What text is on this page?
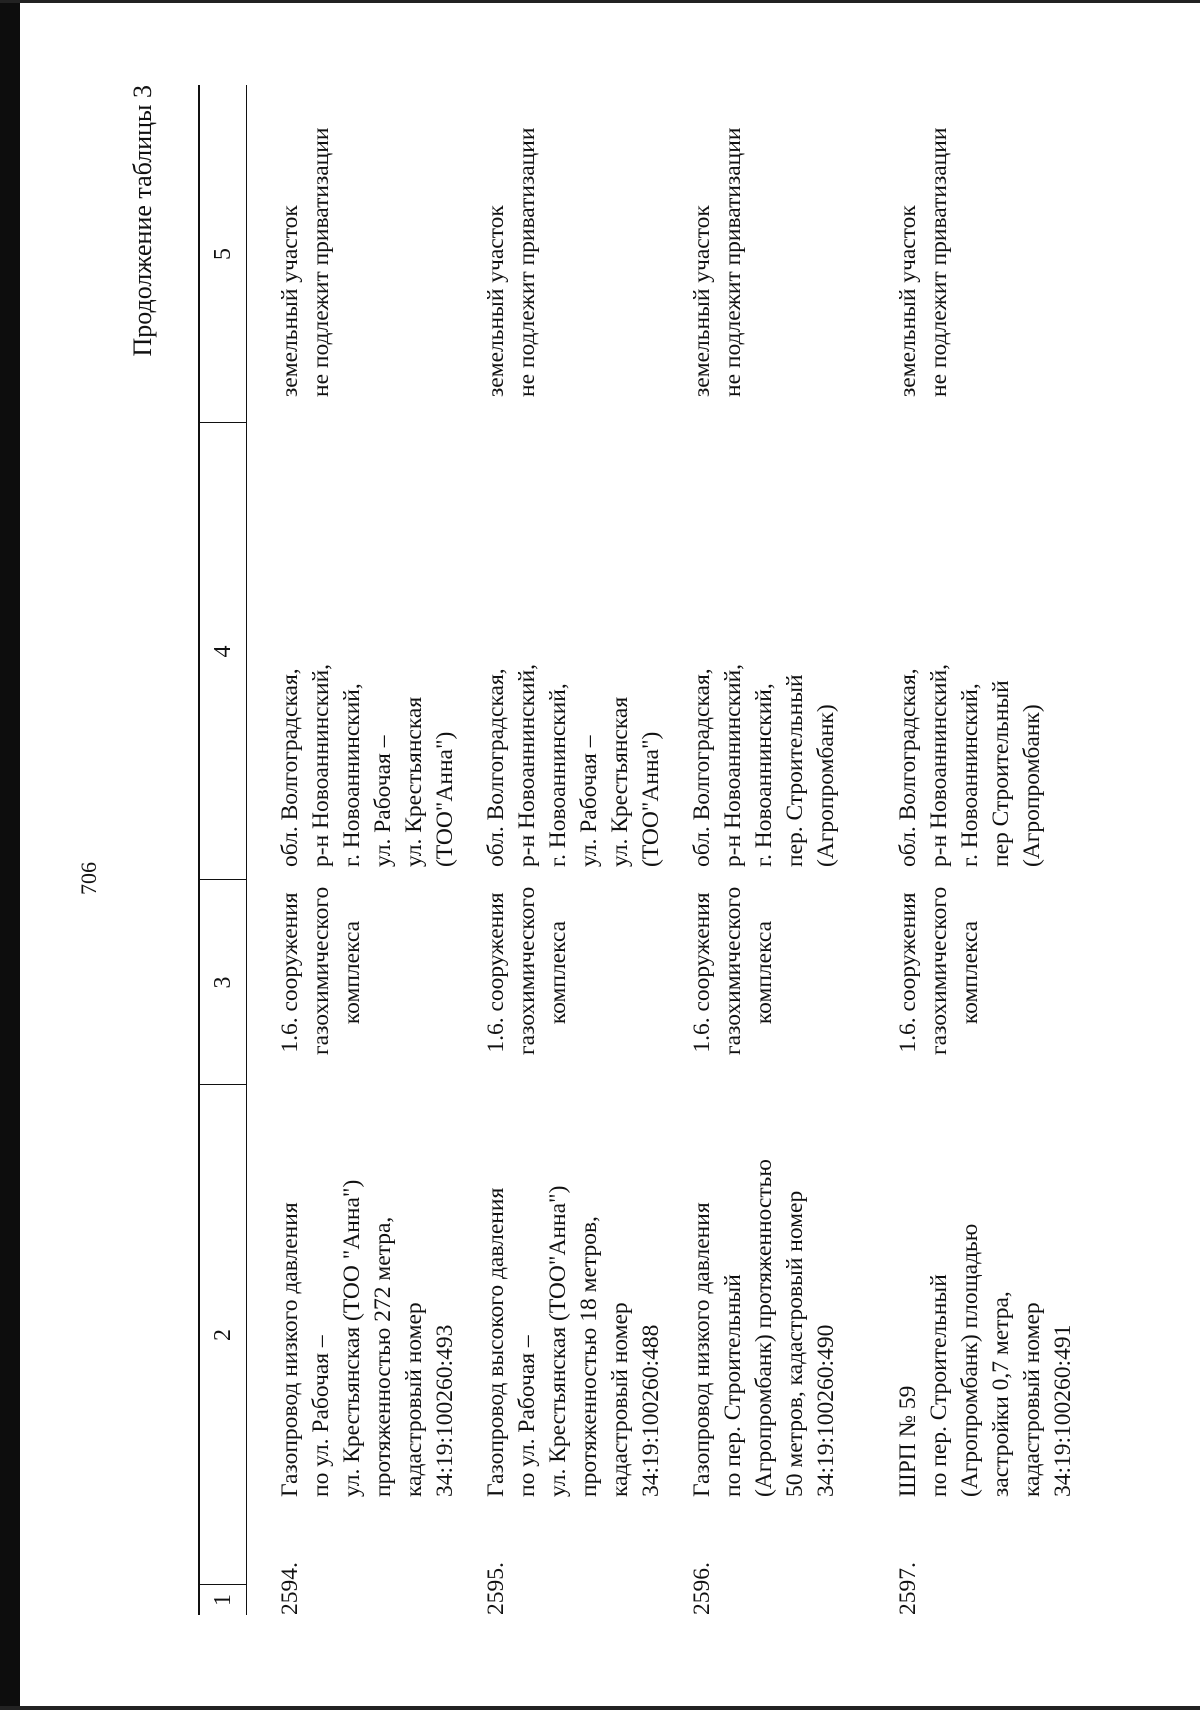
706
Продолжение таблицы 3
1
2
3
4
5
2594.
Газопровод низкого давления
по ул. Рабочая –
ул. Крестьянская (ТОО "Анна")
протяженностью 272 метра,
кадастровый номер
34:19:100260:493
1.6. сооружения
газохимического
комплекса
обл. Волгоградская,
р-н Новоаннинский,
г. Новоаннинский,
ул. Рабочая –
ул. Крестьянская
(ТОО"Анна")
земельный участок
не подлежит приватизации
2595.
Газопровод высокого давления
по ул. Рабочая –
ул. Крестьянская (ТОО"Анна")
протяженностью 18 метров,
кадастровый номер
34:19:100260:488
1.6. сооружения
газохимического
комплекса
обл. Волгоградская,
р-н Новоаннинский,
г. Новоаннинский,
ул. Рабочая –
ул. Крестьянская
(ТОО"Анна")
земельный участок
не подлежит приватизации
2596.
Газопровод низкого давления
по пер. Строительный
(Агропромбанк) протяженностью
50 метров, кадастровый номер
34:19:100260:490
1.6. сооружения
газохимического
комплекса
обл. Волгоградская,
р-н Новоаннинский,
г. Новоаннинский,
пер. Строительный
(Агропромбанк)
земельный участок
не подлежит приватизации
2597.
ШРП № 59
по пер. Строительный
(Агропромбанк) площадью
застройки 0,7 метра,
кадастровый номер
34:19:100260:491
1.6. сооружения
газохимического
комплекса
обл. Волгоградская,
р-н Новоаннинский,
г. Новоаннинский,
пер Строительный
(Агропромбанк)
земельный участок
не подлежит приватизации
